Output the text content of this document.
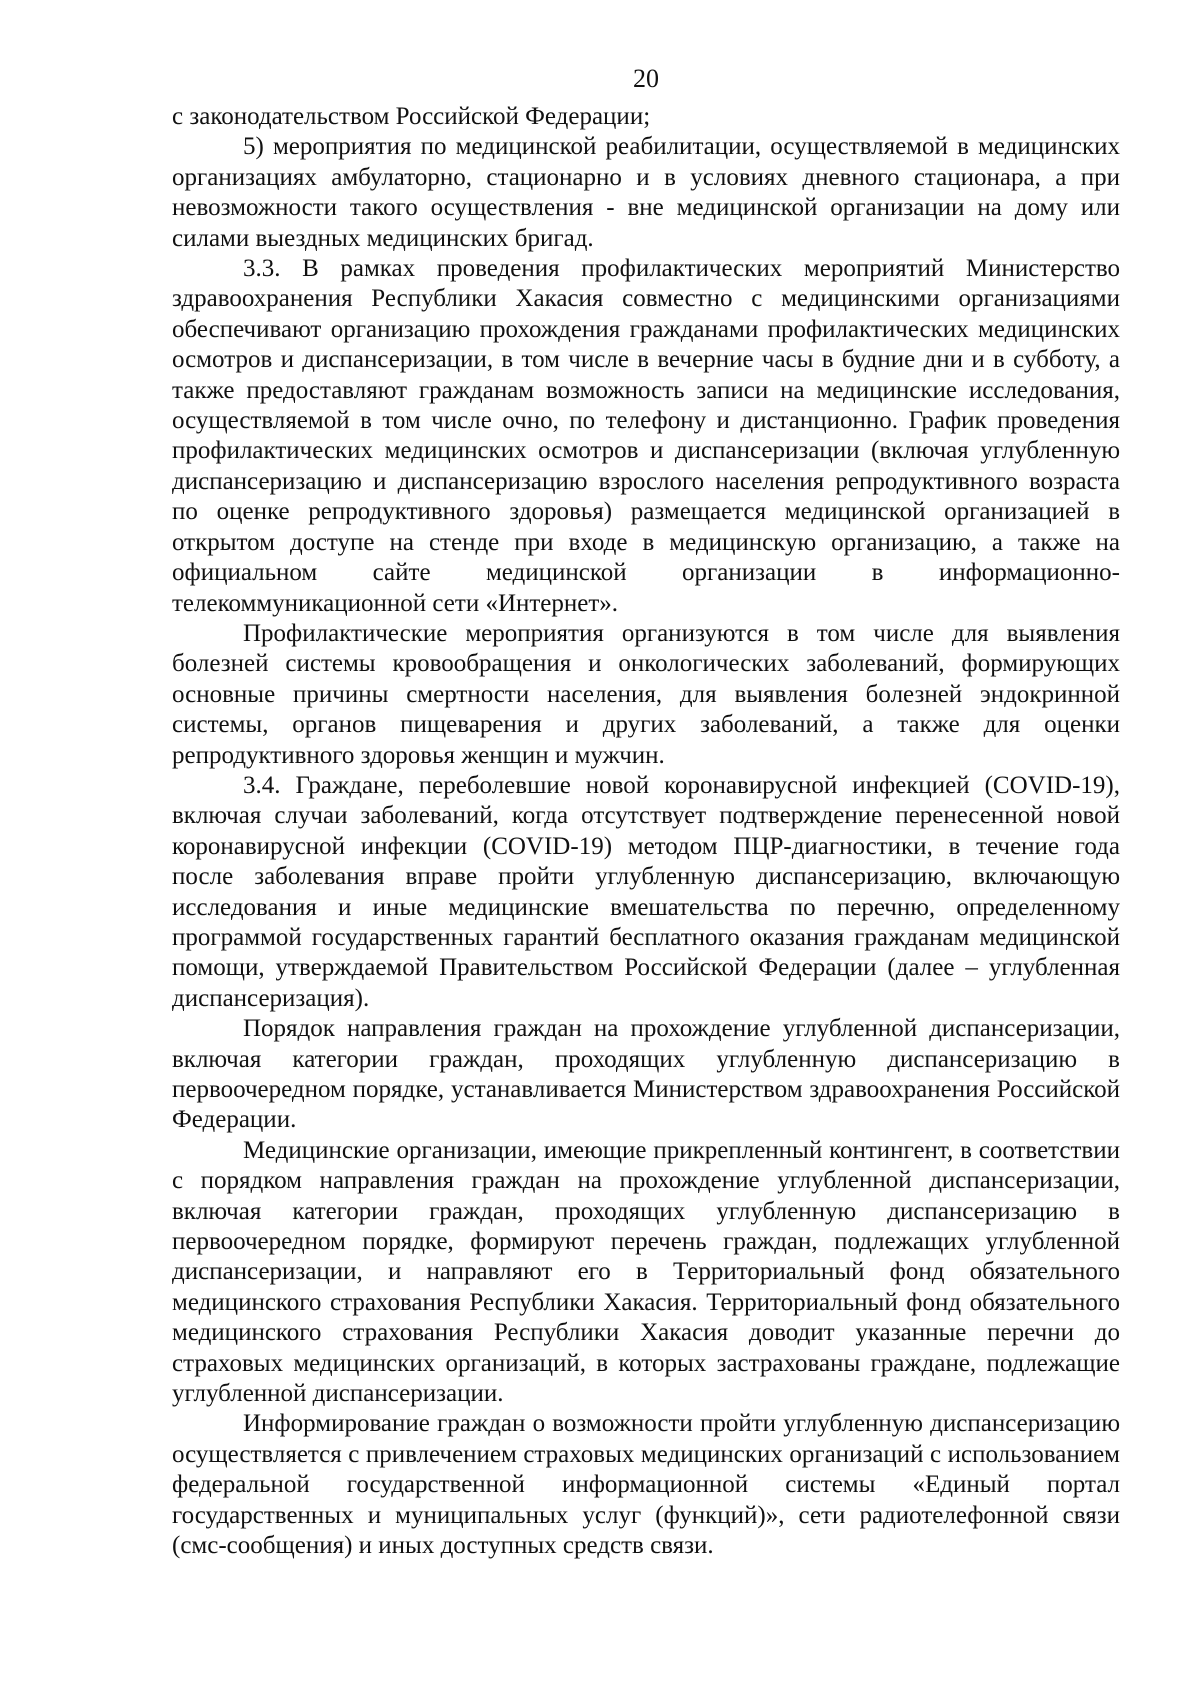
20

с законодательством Российской Федерации;

5) мероприятия по медицинской реабилитации, осуществляемой в медицинских организациях амбулаторно, стационарно и в условиях дневного стационара, а при невозможности такого осуществления - вне медицинской организации на дому или силами выездных медицинских бригад.

3.3. В рамках проведения профилактических мероприятий Министерство здравоохранения Республики Хакасия совместно с медицинскими организациями обеспечивают организацию прохождения гражданами профилактических медицинских осмотров и диспансеризации, в том числе в вечерние часы в будние дни и в субботу, а также предоставляют гражданам возможность записи на медицинские исследования, осуществляемой в том числе очно, по телефону и дистанционно. График проведения профилактических медицинских осмотров и диспансеризации (включая углубленную диспансеризацию и диспансеризацию взрослого населения репродуктивного возраста по оценке репродуктивного здоровья) размещается медицинской организацией в открытом доступе на стенде при входе в медицинскую организацию, а также на официальном сайте медицинской организации в информационно-телекоммуникационной сети «Интернет».

Профилактические мероприятия организуются в том числе для выявления болезней системы кровообращения и онкологических заболеваний, формирующих основные причины смертности населения, для выявления болезней эндокринной системы, органов пищеварения и других заболеваний, а также для оценки репродуктивного здоровья женщин и мужчин.

3.4. Граждане, переболевшие новой коронавирусной инфекцией (COVID-19), включая случаи заболеваний, когда отсутствует подтверждение перенесенной новой коронавирусной инфекции (COVID-19) методом ПЦР-диагностики, в течение года после заболевания вправе пройти углубленную диспансеризацию, включающую исследования и иные медицинские вмешательства по перечню, определенному программой государственных гарантий бесплатного оказания гражданам медицинской помощи, утверждаемой Правительством Российской Федерации (далее – углубленная диспансеризация).

Порядок направления граждан на прохождение углубленной диспансеризации, включая категории граждан, проходящих углубленную диспансеризацию в первоочередном порядке, устанавливается Министерством здравоохранения Российской Федерации.

Медицинские организации, имеющие прикрепленный контингент, в соответствии с порядком направления граждан на прохождение углубленной диспансеризации, включая категории граждан, проходящих углубленную диспансеризацию в первоочередном порядке, формируют перечень граждан, подлежащих углубленной диспансеризации, и направляют его в Территориальный фонд обязательного медицинского страхования Республики Хакасия. Территориальный фонд обязательного медицинского страхования Республики Хакасия доводит указанные перечни до страховых медицинских организаций, в которых застрахованы граждане, подлежащие углубленной диспансеризации.

Информирование граждан о возможности пройти углубленную диспансеризацию осуществляется с привлечением страховых медицинских организаций с использованием федеральной государственной информационной системы «Единый портал государственных и муниципальных услуг (функций)», сети радиотелефонной связи (смс-сообщения) и иных доступных средств связи.
